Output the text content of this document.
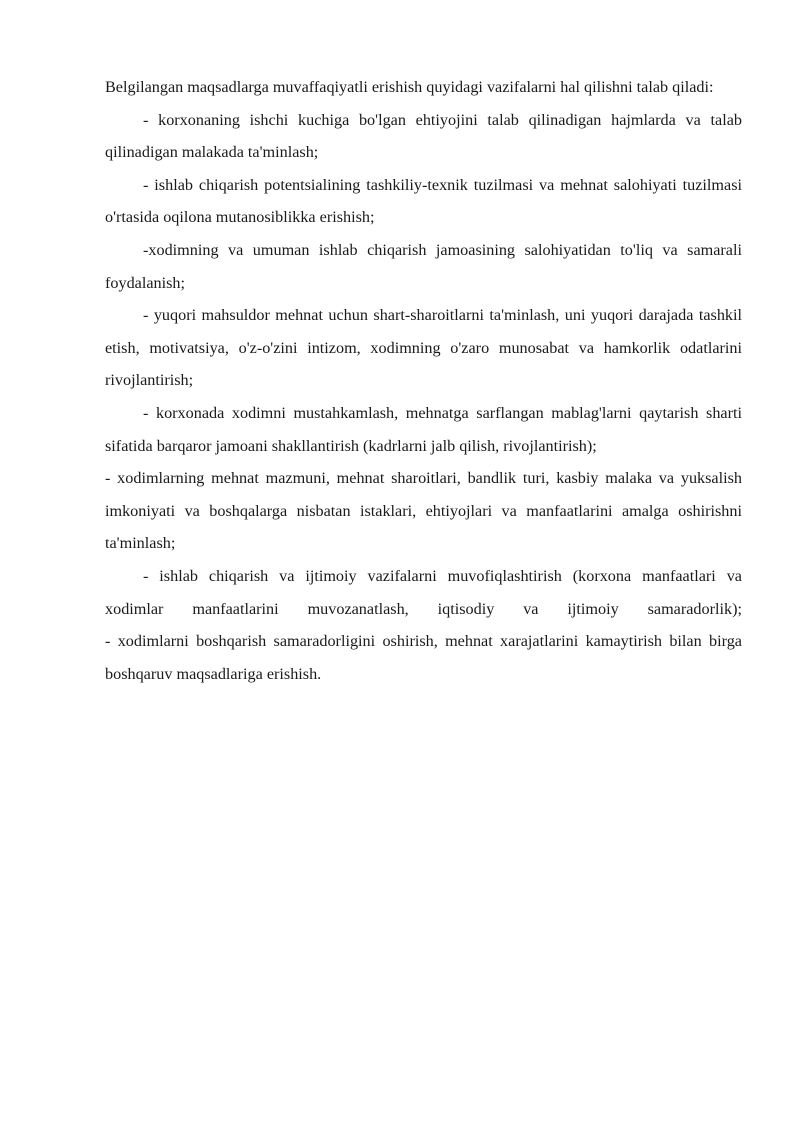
Belgilangan maqsadlarga muvaffaqiyatli erishish quyidagi vazifalarni hal qilishni talab qiladi:

- korxonaning ishchi kuchiga bo'lgan ehtiyojini talab qilinadigan hajmlarda va talab qilinadigan malakada ta'minlash;

- ishlab chiqarish potentsialining tashkiliy-texnik tuzilmasi va mehnat salohiyati tuzilmasi o'rtasida oqilona mutanosiblikka erishish;

-xodimning va umuman ishlab chiqarish jamoasining salohiyatidan to'liq va samarali foydalanish;

- yuqori mahsuldor mehnat uchun shart-sharoitlarni ta'minlash, uni yuqori darajada tashkil etish, motivatsiya, o'z-o'zini intizom, xodimning o'zaro munosabat va hamkorlik odatlarini rivojlantirish;

- korxonada xodimni mustahkamlash, mehnatga sarflangan mablag'larni qaytarish sharti sifatida barqaror jamoani shakllantirish (kadrlarni jalb qilish, rivojlantirish);

- xodimlarning mehnat mazmuni, mehnat sharoitlari, bandlik turi, kasbiy malaka va yuksalish imkoniyati va boshqalarga nisbatan istaklari, ehtiyojlari va manfaatlarini amalga oshirishni ta'minlash;

- ishlab chiqarish va ijtimoiy vazifalarni muvofiqlashtirish (korxona manfaatlari va xodimlar manfaatlarini muvozanatlash, iqtisodiy va ijtimoiy samaradorlik);

- xodimlarni boshqarish samaradorligini oshirish, mehnat xarajatlarini kamaytirish bilan birga boshqaruv maqsadlariga erishish.
